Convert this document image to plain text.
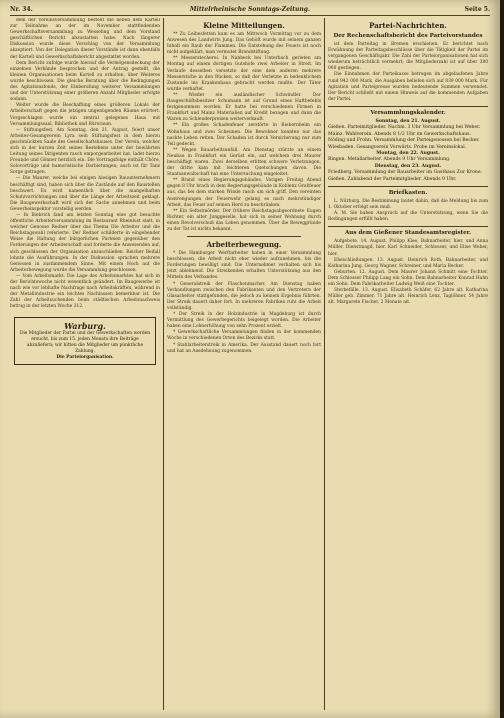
Nr. 34.	Mittelrheinische Sonntags-Zeitung.	Seite 5.

dem der Vereinsversammlung bestellt die neben dem Kartell zur Teilnahme an der im November stattfindenden Gewerkschaftsversammlung zu Wesseling und dem Vorstand geschäftlichen Bericht abzustatten habe. Nach längerer Diskussion wurde diese Vorschlag von der Versammlung akzeptiert. Von der Delegation dieser Vorstände ist dann ebenfalls der Kartell und Gewerkschaftsbericht abgestattet worden.

Dem Bericht zufolge wurde hierauf die Vermögensdeckung der einzelnen Verbände besprochen und der Antrag gestellt, die kleinen Organisationen beim Kartell zu erhalten, über Weiteres wurde beschlossen. Die gleiche Beratung über die Bedingungen des Agitationsfonds, der Einberufung weiterer Versammlungen und der Unterstützung einer größeren Anzahl Mitglieder erfolgte sodann.

Weiter wurde die Beschaffung eines größeren Lokals der Arbeiterschaft gegen die jetzigen ungenügenden Räume erörtert. Vorgeschlagen wurde ein zentral gelegenes Haus mit Versammlungssaal, Bibliothek und Büroraum.

— Stiftungsfest. Am Sonntag, den 21. August, feiert unser Arbeiter-Gesangverein Lyra sein Stiftungsfest in dem hierzu geschmückten Saale des Gesellschaftshauses. Der Verein, welcher sich in der kurzen Zeit seines Bestehens unter der bewährten Leitung seines Dirigenten rasch emporgearbeitet hat, ladet hierzu Freunde und Gönner herzlich ein. Die Vortragsfolge enthält Chöre, Solovorträge und humoristische Darbietungen; auch ist für Tanz Sorge getragen.

— Die Maurer, welche bei einigen hiesigen Bauunternehmern beschäftigt sind, haben sich über die Zustände auf den Baustellen beschwert. Es wird namentlich über die mangelhaften Schutzvorrichtungen und über die Länge der Arbeitszeit geklagt. Die Baugewerkschaft wird sich der Sache annehmen und beim Gewerbeinspektor vorstellig werden.

— In Biebrich fand am letzten Sonntag eine gut besuchte öffentliche Arbeiterversammlung im Restaurant Rheinlust statt, in welcher Genosse Redner über das Thema Die Arbeiter und die Reichstagswahl referierte. Der Redner schilderte in eingehender Weise die Haltung der bürgerlichen Parteien gegenüber den Forderungen der Arbeiterschaft und forderte die Anwesenden auf, sich geschlossen der Organisation anzuschließen. Reicher Beifall lohnte die Ausführungen. In der Diskussion sprachen mehrere Genossen in zustimmendem Sinne. Mit einem Hoch auf die Arbeiterbewegung wurde die Versammlung geschlossen.

— Vom Arbeitsmarkt. Die Lage des Arbeitsmarktes hat sich in der Berichtswoche nicht wesentlich geändert. Im Baugewerbe ist nach wie vor lebhafte Nachfrage nach Arbeitskräften, während in der Metallindustrie ein leichtes Nachlassen bemerkbar ist. Die Zahl der Arbeitsuchenden beim städtischen Arbeitsnachweis betrug in der letzten Woche 312.

Warburg.
Die Mitglieder der Partei und der Gewerkschaften werden
ersucht, bis zum 15. jeden Monats ihre Beiträge
abzuliefern; wir bitten die Mitglieder um pünktliche Zahlung.
Die Parteiorganisation.
Kleine Mitteilungen.

** Zu Leibesfetten kam es am Mittwoch Vormittag vor zu dem Anwesen des Landwirts Jung. Das Gehöft wurde mit seinem ganzen Inhalt ein Raub der Flammen. Die Entstehung des Feuers ist noch nicht aufgeklärt, man vermutet Brandstiftung.

** Messerstecherei. In Nahbeck bei Unterbach gerieten am Montag auf einem dortigen Gutshofe zwei Arbeiter in Streit. Im Verlaufe desselben versetzte der eine dem anderen mehrere Messerstiche in den Rücken, so daß der Verletzte in bedenklichem Zustande ins Krankenhaus gebracht werden mußte. Der Täter wurde verhaftet.

** Wieder ein ausländischer Schwindler. Der Baugeschäftsbesitzer Schumann ist auf Grund eines Haftbefehls festgenommen worden. Er hatte bei verschiedenen Firmen in Frankfurt und Mainz Materialien auf Kredit bezogen und dann die Waren zu Schleuderpreisen weiterverkauft.

** Ein großes Schadenfeuer zerstörte in Biebernheim ein Wohnhaus und zwei Scheunen. Die Bewohner konnten nur das nackte Leben retten. Der Schaden ist durch Versicherung nur zum Teil gedeckt.

** Wegen Bauarbeitsunfall. Am Dienstag stürzte an einem Neubau in Frankfurt ein Gerüst ein, auf welchem drei Maurer beschäftigt waren. Zwei derselben erlitten schwere Verletzungen, der dritte kam mit leichteren Quetschungen davon. Die Staatsanwaltschaft hat eine Untersuchung eingeleitet.

** Brand eines Regierungsgebäudes. Vorigen Freitag Abend gegen 8 Uhr brach in dem Regierungsgebäude in Koblenz Großfeuer aus, das bei dem starken Winde rasch um sich griff. Den vereinten Anstrengungen der Feuerwehr gelang es nach mehrstündiger Arbeit, das Feuer auf seinen Herd zu beschränken.

** Ein Selbstmörder. Der frühere Reichstagsabgeordnete Eugen Richter, ein alter Junggeselle, hat sich in seiner Wohnung durch einen Revolverschuß das Leben genommen. Über die Beweggründe zu der Tat ist nichts bekannt.

Arbeiterbewegung.

* Die Hamburger Werftarbeiter haben in einer Versammlung beschlossen, die Arbeit nicht eher wieder aufzunehmen, bis die Forderungen bewilligt sind. Die Unternehmer verhalten sich bis jetzt ablehnend. Die Streikenden erhalten Unterstützung aus den Mitteln des Verbandes.

* Generalstreik der Flaschenmacher. Am Dienstag haben Verhandlungen zwischen den Fabrikanten und den Vertretern der Glasarbeiter stattgefunden, die jedoch zu keinem Ergebnis führten. Der Streik dauert daher fort. In mehreren Fabriken ruht die Arbeit vollständig.

* Der Streik in der Holzindustrie in Magdeburg ist durch Vermittlung des Gewerbegerichts beigelegt worden. Die Arbeiter haben eine Lohnerhöhung von zehn Prozent erzielt.

* Gewerkschaftliche Versammlungen finden in der kommenden Woche in verschiedenen Orten des Bezirks statt.

* Stahlarbeiterstreik in Amerika. Der Ausstand dauert noch fort und hat an Ausdehnung zugenommen.

Partei-Nachrichten.
Der Rechenschaftsbericht des Parteivorstandes

ist dem Parteitag in Bremen erschienen. Er berichtet nach Erwähnung der Parteitagsbeschlüsse über die Tätigkeit der Partei im vergangenen Geschäftsjahr. Die Zahl der Parteiorganisationen hat sich wiederum beträchtlich vermehrt; die Mitgliederzahl ist auf über 380 000 gestiegen.

Die Einnahmen der Parteikasse betrugen im abgelaufenen Jahre rund 942 000 Mark, die Ausgaben beliefen sich auf 839 000 Mark. Für Agitation und Parteipresse wurden bedeutende Summen verwendet. Der Bericht schließt mit einem Hinweis auf die kommenden Aufgaben der Partei.

Versammlungskalender.

Sonntag, den 21. August.

Gießen. Parteimitglieder. Nachm. 3 Uhr Versammlung bei Weber.

Mainz. Wahlverein. Abends 8 1/2 Uhr im Gewerkschaftshaus.

Nöding und Frohn. Versammlung der Parteigenossen bei Becker.

Wiesbaden. Gesangverein Vorwärts. Probe im Vereinslokal.

Montag, den 22. August.

Bingen. Metallarbeiter. Abends 9 Uhr Versammlung.

Dienstag, den 23. August.

Friedberg. Versammlung der Bauarbeiter im Gasthaus Zur Krone.

Gießen. Zahlabend der Parteimitglieder. Abends 9 Uhr.

Briefkasten.

L. Nürburg. Die Bestimmung lautet dahin, daß die Meldung bis zum 1. Oktober erfolgt sein muß.

A. M. Sie haben Anspruch auf die Unterstützung, wenn Sie die Bedingungen erfüllt haben.

Aus dem Gießener Standesamtsregister.

Aufgebote. 14. August. Philipp Klee, Bahnarbeiter, hier, und Anna Müller, Dienstmagd, hier. Karl Schneider, Schlosser, und Elise Weber, hier.

Eheschließungen. 13. August. Heinrich Roth, Bahnarbeiter, und Katharina Jung. Georg Wagner, Schreiner, und Maria Becker.

Geburten. 12. August. Dem Maurer Johann Schmitt eine Tochter. Dem Schlosser Philipp Lang ein Sohn. Dem Bahnarbeiter Konrad Hahn ein Sohn. Dem Fabrikarbeiter Ludwig Weiß eine Tochter.

Sterbefälle. 13. August. Elisabeth Schäfer, 62 Jahre alt. Katharina Müller geb. Zimmer, 71 Jahre alt. Heinrich Lenz, Taglöhner, 54 Jahre alt. Margarete Fischer, 2 Monate alt.
